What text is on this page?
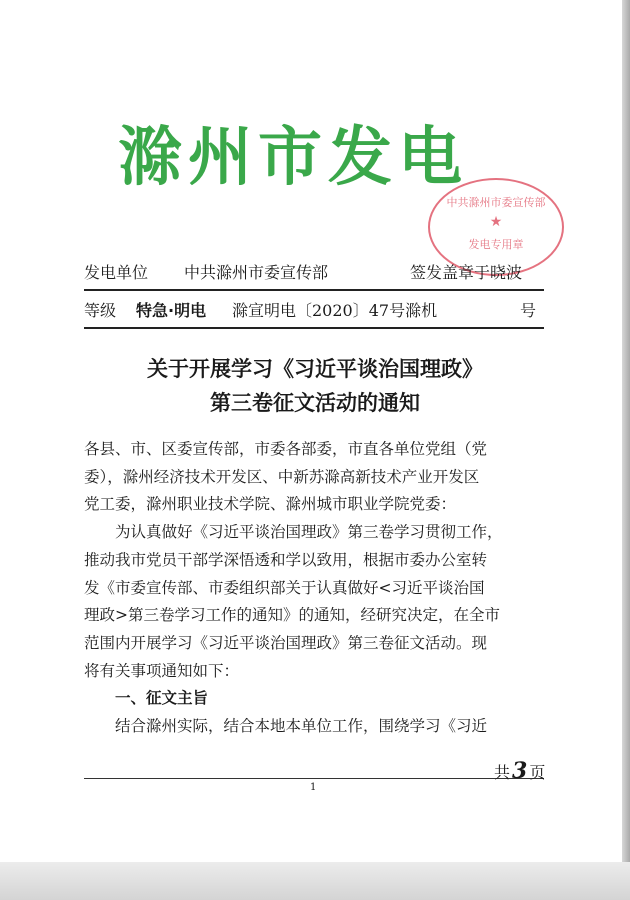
滁州市发电
中共滁州市委宣传部
★
发电专用章
发电单位 中共滁州市委宣传部	签发盖章于晓波
等级 特急·明电 滁宣明电〔2020〕47号滁机	号
关于开展学习《习近平谈治国理政》
第三卷征文活动的通知

各县、市、区委宣传部，市委各部委，市直各单位党组（党

委），滁州经济技术开发区、中新苏滁高新技术产业开发区

党工委，滁州职业技术学院、滁州城市职业学院党委：

　　为认真做好《习近平谈治国理政》第三卷学习贯彻工作，

推动我市党员干部学深悟透和学以致用，根据市委办公室转

发《市委宣传部、市委组织部关于认真做好<习近平谈治国

理政>第三卷学习工作的通知》的通知，经研究决定，在全市

范围内开展学习《习近平谈治国理政》第三卷征文活动。现

将有关事项通知如下：

　　一、征文主旨

　　结合滁州实际，结合本地本单位工作，围绕学习《习近

共3 页
1
